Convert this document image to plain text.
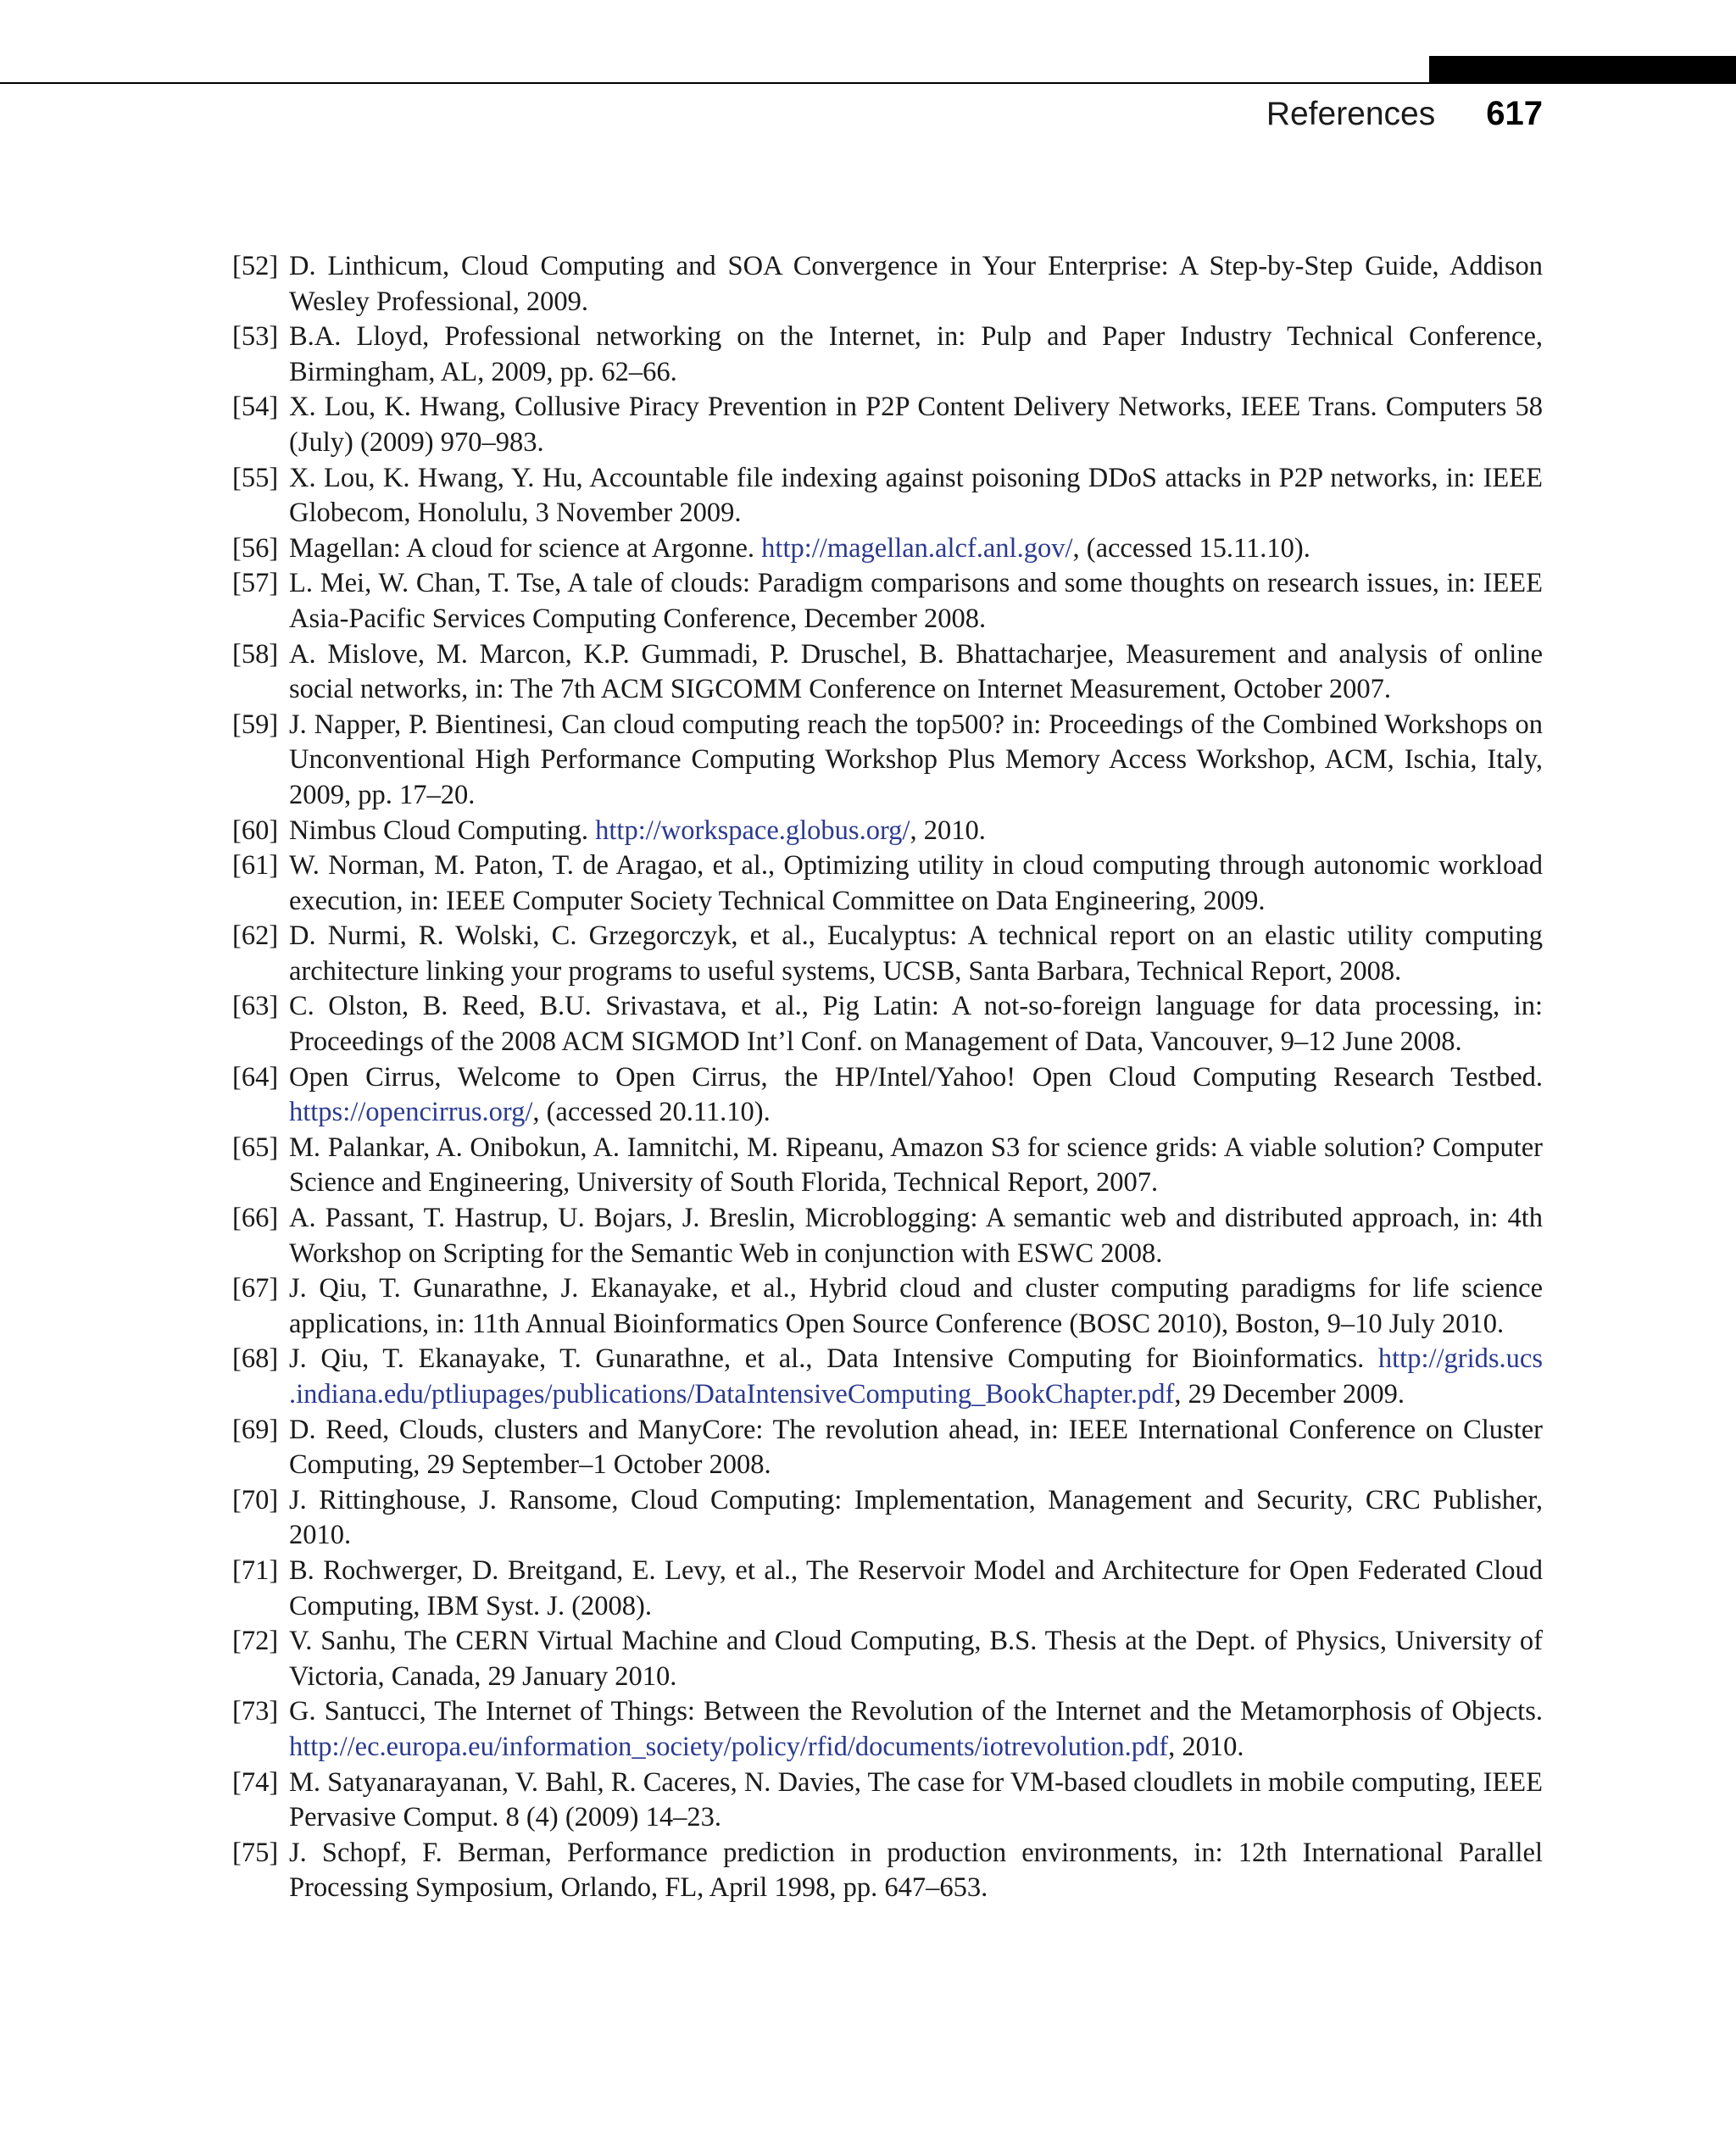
References 617
[52] D. Linthicum, Cloud Computing and SOA Convergence in Your Enterprise: A Step-by-Step Guide, Addison Wesley Professional, 2009.
[53] B.A. Lloyd, Professional networking on the Internet, in: Pulp and Paper Industry Technical Conference, Birmingham, AL, 2009, pp. 62–66.
[54] X. Lou, K. Hwang, Collusive Piracy Prevention in P2P Content Delivery Networks, IEEE Trans. Computers 58 (July) (2009) 970–983.
[55] X. Lou, K. Hwang, Y. Hu, Accountable file indexing against poisoning DDoS attacks in P2P networks, in: IEEE Globecom, Honolulu, 3 November 2009.
[56] Magellan: A cloud for science at Argonne. http://magellan.alcf.anl.gov/, (accessed 15.11.10).
[57] L. Mei, W. Chan, T. Tse, A tale of clouds: Paradigm comparisons and some thoughts on research issues, in: IEEE Asia-Pacific Services Computing Conference, December 2008.
[58] A. Mislove, M. Marcon, K.P. Gummadi, P. Druschel, B. Bhattacharjee, Measurement and analysis of online social networks, in: The 7th ACM SIGCOMM Conference on Internet Measurement, October 2007.
[59] J. Napper, P. Bientinesi, Can cloud computing reach the top500? in: Proceedings of the Combined Workshops on Unconventional High Performance Computing Workshop Plus Memory Access Workshop, ACM, Ischia, Italy, 2009, pp. 17–20.
[60] Nimbus Cloud Computing. http://workspace.globus.org/, 2010.
[61] W. Norman, M. Paton, T. de Aragao, et al., Optimizing utility in cloud computing through autonomic workload execution, in: IEEE Computer Society Technical Committee on Data Engineering, 2009.
[62] D. Nurmi, R. Wolski, C. Grzegorczyk, et al., Eucalyptus: A technical report on an elastic utility computing architecture linking your programs to useful systems, UCSB, Santa Barbara, Technical Report, 2008.
[63] C. Olston, B. Reed, B.U. Srivastava, et al., Pig Latin: A not-so-foreign language for data processing, in: Proceedings of the 2008 ACM SIGMOD Int’l Conf. on Management of Data, Vancouver, 9–12 June 2008.
[64] Open Cirrus, Welcome to Open Cirrus, the HP/Intel/Yahoo! Open Cloud Computing Research Testbed. https://opencirrus.org/, (accessed 20.11.10).
[65] M. Palankar, A. Onibokun, A. Iamnitchi, M. Ripeanu, Amazon S3 for science grids: A viable solution? Computer Science and Engineering, University of South Florida, Technical Report, 2007.
[66] A. Passant, T. Hastrup, U. Bojars, J. Breslin, Microblogging: A semantic web and distributed approach, in: 4th Workshop on Scripting for the Semantic Web in conjunction with ESWC 2008.
[67] J. Qiu, T. Gunarathne, J. Ekanayake, et al., Hybrid cloud and cluster computing paradigms for life science applications, in: 11th Annual Bioinformatics Open Source Conference (BOSC 2010), Boston, 9–10 July 2010.
[68] J. Qiu, T. Ekanayake, T. Gunarathne, et al., Data Intensive Computing for Bioinformatics. http://grids.ucs .indiana.edu/ptliupages/publications/DataIntensiveComputing_BookChapter.pdf, 29 December 2009.
[69] D. Reed, Clouds, clusters and ManyCore: The revolution ahead, in: IEEE International Conference on Cluster Computing, 29 September–1 October 2008.
[70] J. Rittinghouse, J. Ransome, Cloud Computing: Implementation, Management and Security, CRC Publisher, 2010.
[71] B. Rochwerger, D. Breitgand, E. Levy, et al., The Reservoir Model and Architecture for Open Federated Cloud Computing, IBM Syst. J. (2008).
[72] V. Sanhu, The CERN Virtual Machine and Cloud Computing, B.S. Thesis at the Dept. of Physics, University of Victoria, Canada, 29 January 2010.
[73] G. Santucci, The Internet of Things: Between the Revolution of the Internet and the Metamorphosis of Objects. http://ec.europa.eu/information_society/policy/rfid/documents/iotrevolution.pdf, 2010.
[74] M. Satyanarayanan, V. Bahl, R. Caceres, N. Davies, The case for VM-based cloudlets in mobile computing, IEEE Pervasive Comput. 8 (4) (2009) 14–23.
[75] J. Schopf, F. Berman, Performance prediction in production environments, in: 12th International Parallel Processing Symposium, Orlando, FL, April 1998, pp. 647–653.
